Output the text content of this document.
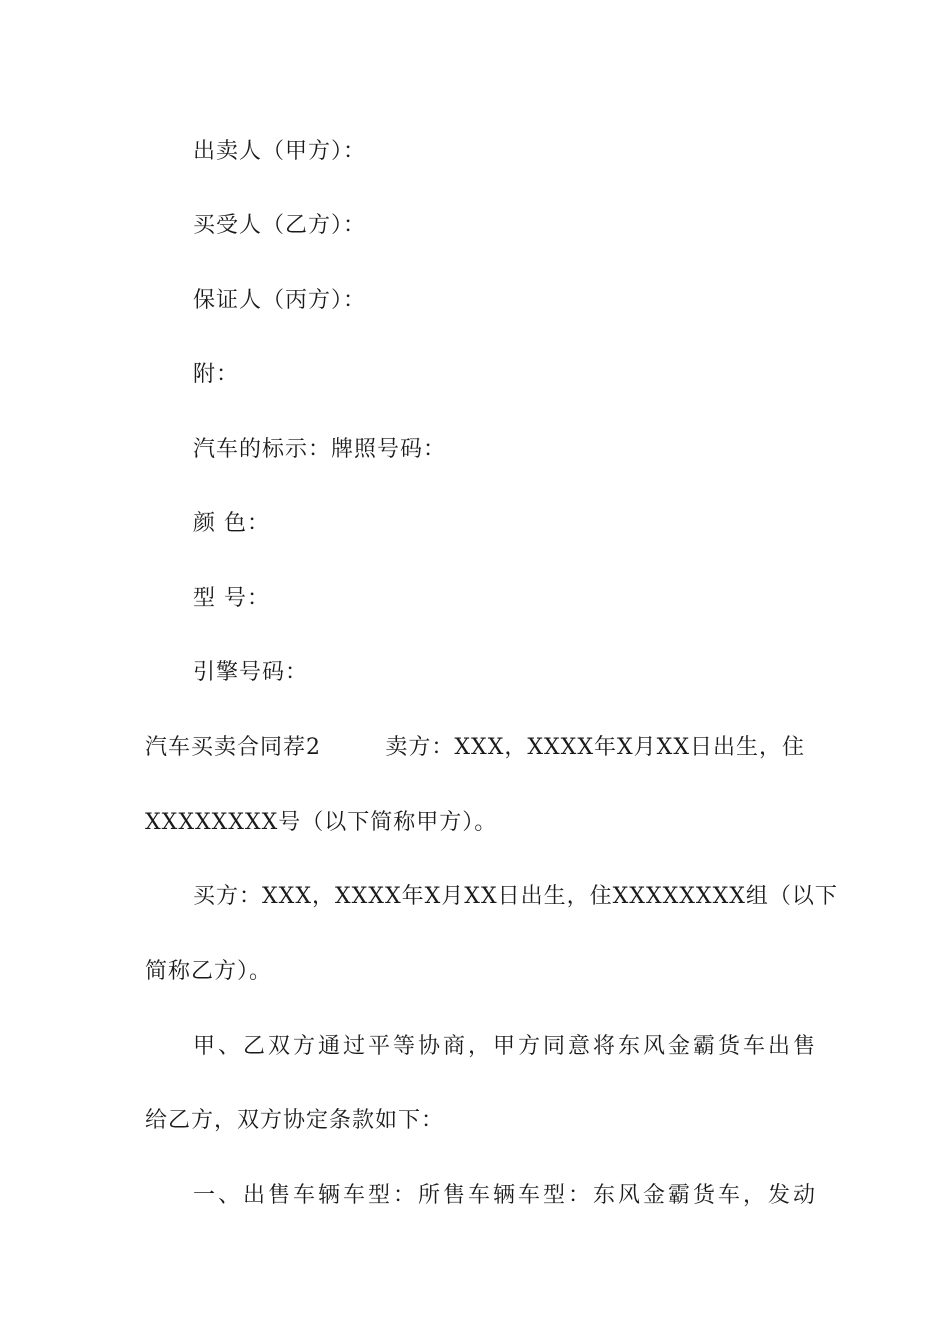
出卖人（甲方）：
买受人（乙方）：
保证人（丙方）：
附：
汽车的标示：牌照号码：
颜 色：
型 号：
引擎号码：
汽车买卖合同荐2	卖方：XXX，XXXX年X月XX日出生，住
XXXXXXXX号（以下简称甲方）。
买方：XXX，XXXX年X月XX日出生，住XXXXXXXX组（以下
简称乙方）。
甲、乙双方通过平等协商，甲方同意将东风金霸货车出售
给乙方，双方协定条款如下：
一、出售车辆车型：所售车辆车型：东风金霸货车，发动
